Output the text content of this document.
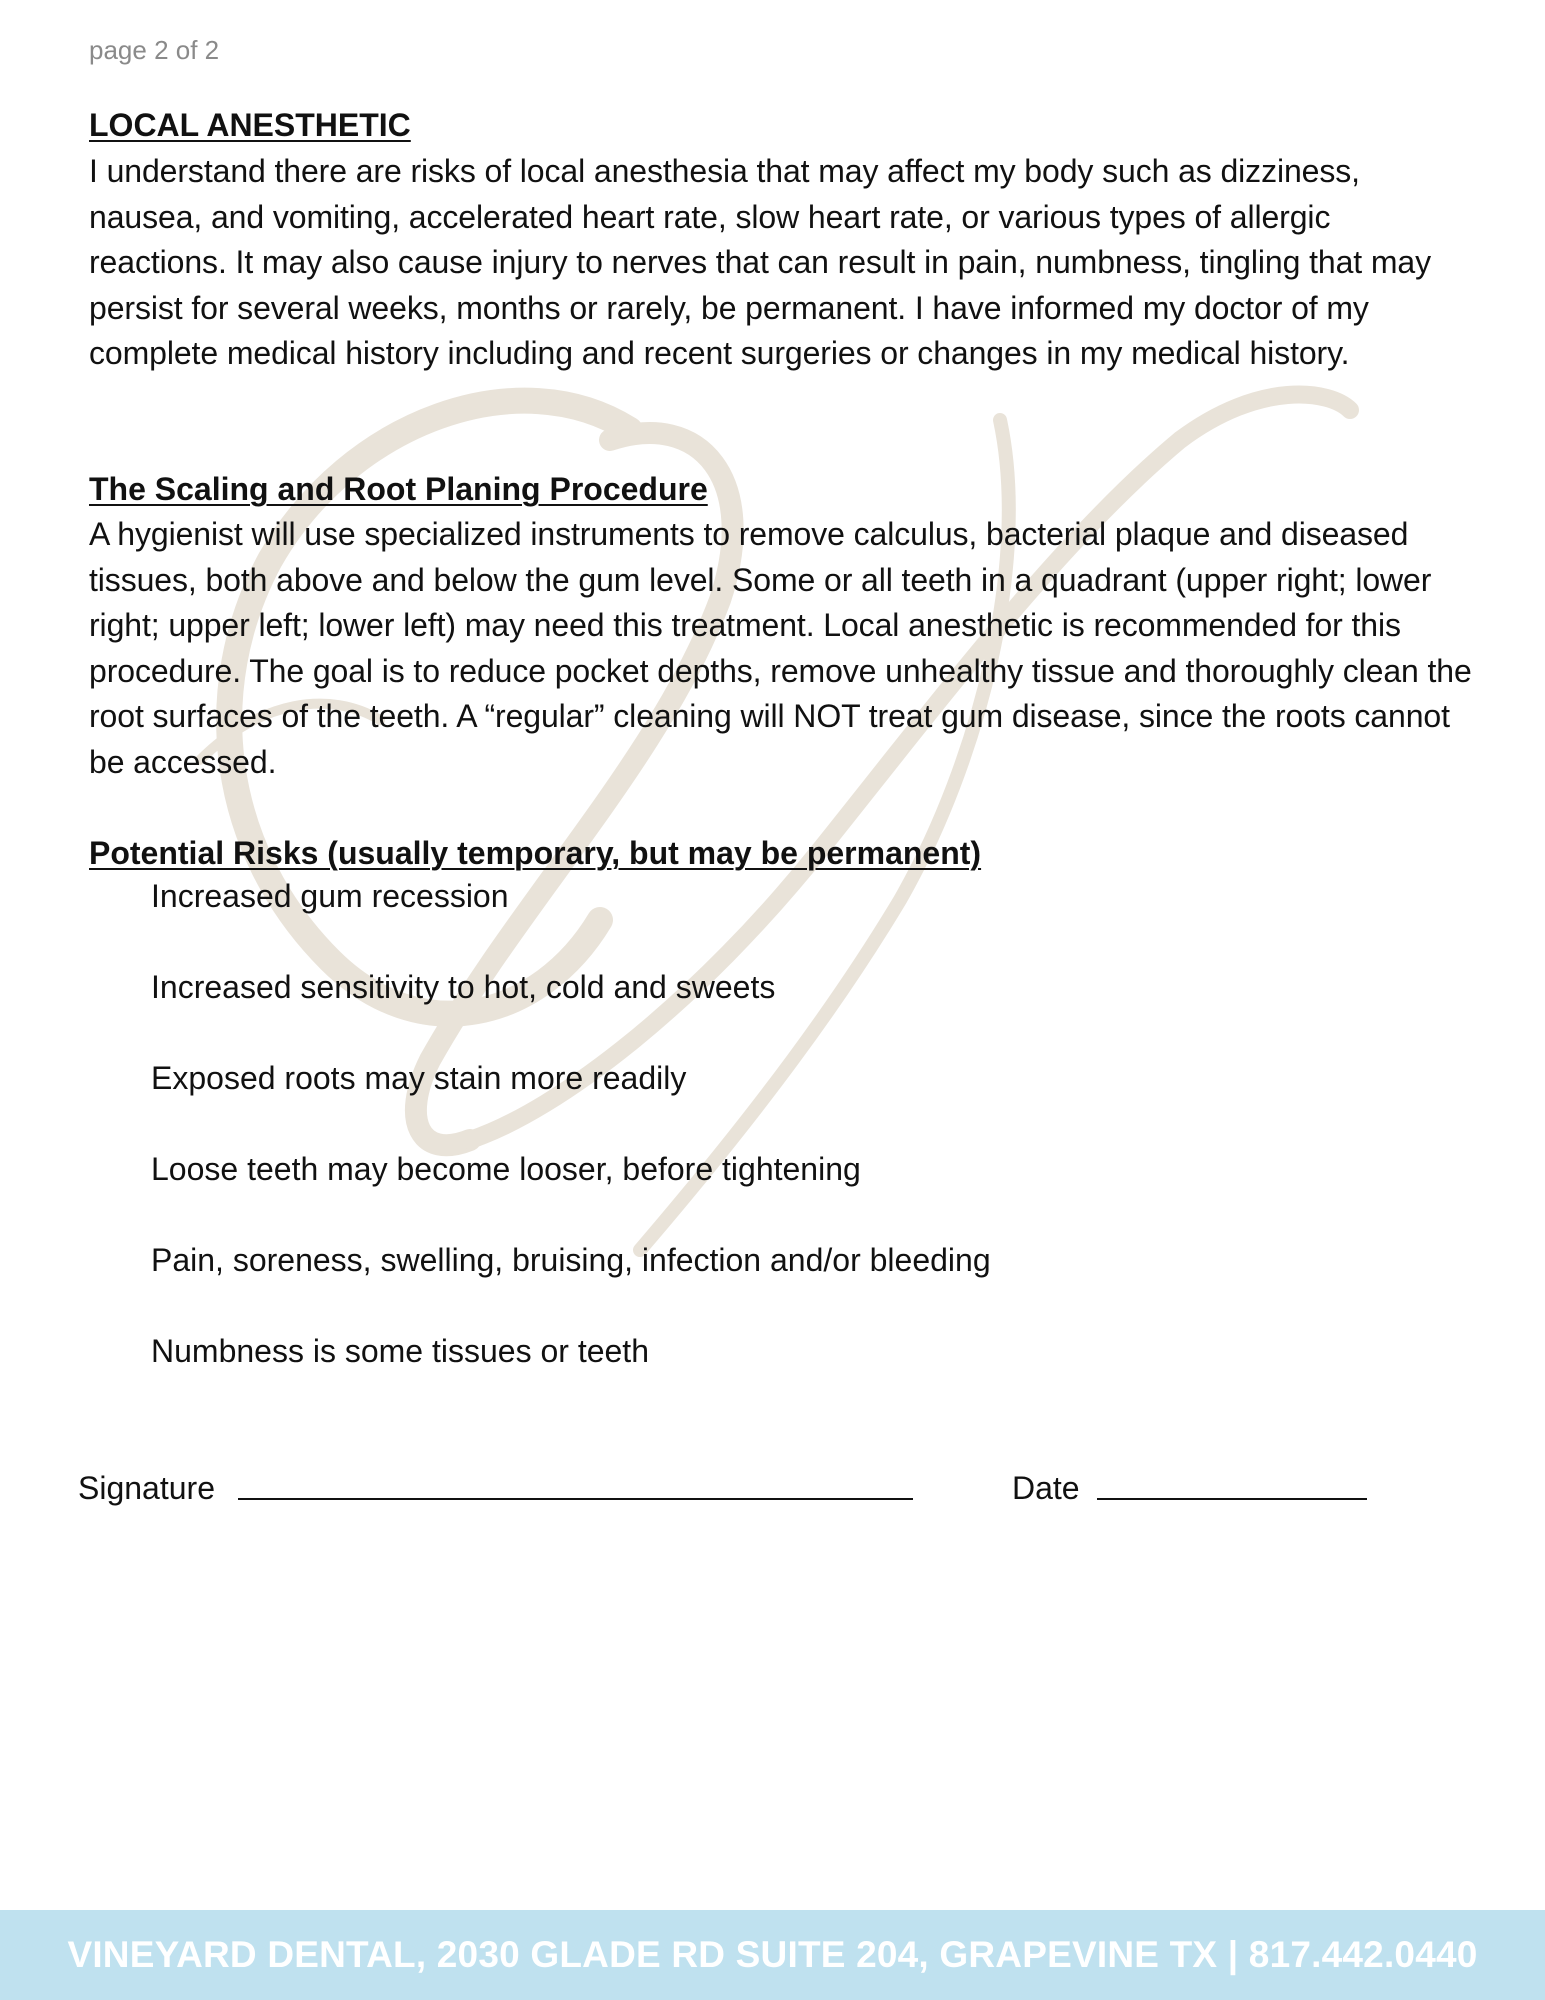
page 2 of 2
LOCAL ANESTHETIC
I understand there are risks of local anesthesia that may affect my body such as dizziness, nausea, and vomiting, accelerated heart rate, slow heart rate, or various types of allergic reactions. It may also cause injury to nerves that can result in pain, numbness, tingling that may persist for several weeks, months or rarely, be permanent. I have informed my doctor of my complete medical history including and recent surgeries or changes in my medical history.
The Scaling and Root Planing Procedure
A hygienist will use specialized instruments to remove calculus, bacterial plaque and diseased tissues, both above and below the gum level. Some or all teeth in a quadrant (upper right; lower right; upper left; lower left) may need this treatment. Local anesthetic is recommended for this procedure. The goal is to reduce pocket depths, remove unhealthy tissue and thoroughly clean the root surfaces of the teeth. A “regular” cleaning will NOT treat gum disease, since the roots cannot be accessed.
Potential Risks (usually temporary, but may be permanent)
Increased gum recession
Increased sensitivity to hot, cold and sweets
Exposed roots may stain more readily
Loose teeth may become looser, before tightening
Pain, soreness, swelling, bruising, infection and/or bleeding
Numbness is some tissues or teeth
Signature	Date
VINEYARD DENTAL, 2030 GLADE RD SUITE 204, GRAPEVINE TX | 817.442.0440
